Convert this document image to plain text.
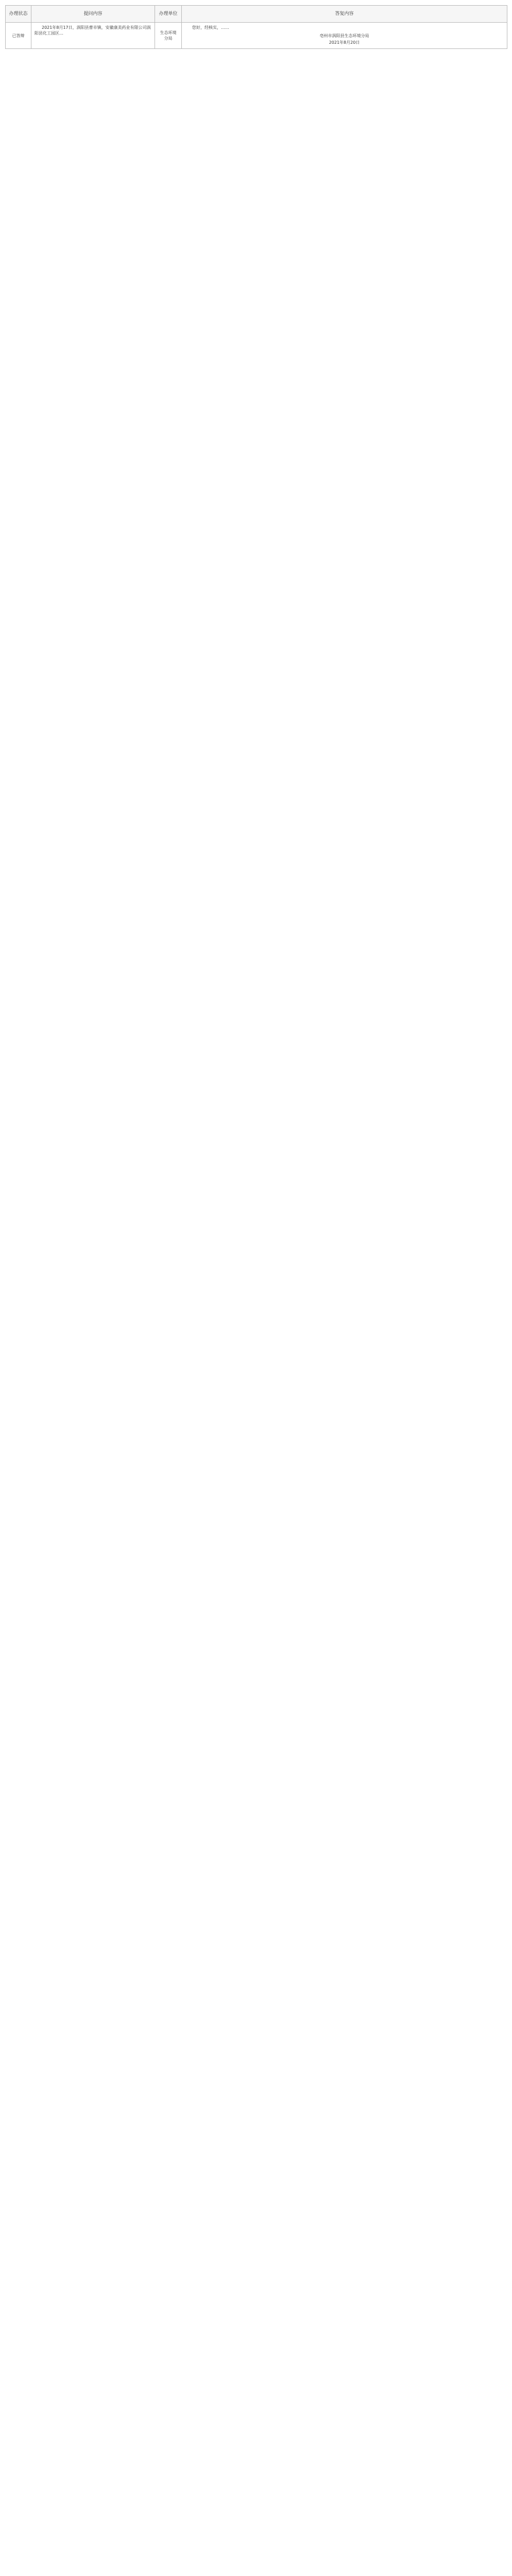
办理状态	提问内容	办理单位	答复内容
已答辩	2021年8月17日，涡阳县曹市镇，安徽康美药业有限公司涡阳县化工园区…	生态环境分局	您好，经核实，……
亳州市涡阳县生态环境分局
2021年8月20日
